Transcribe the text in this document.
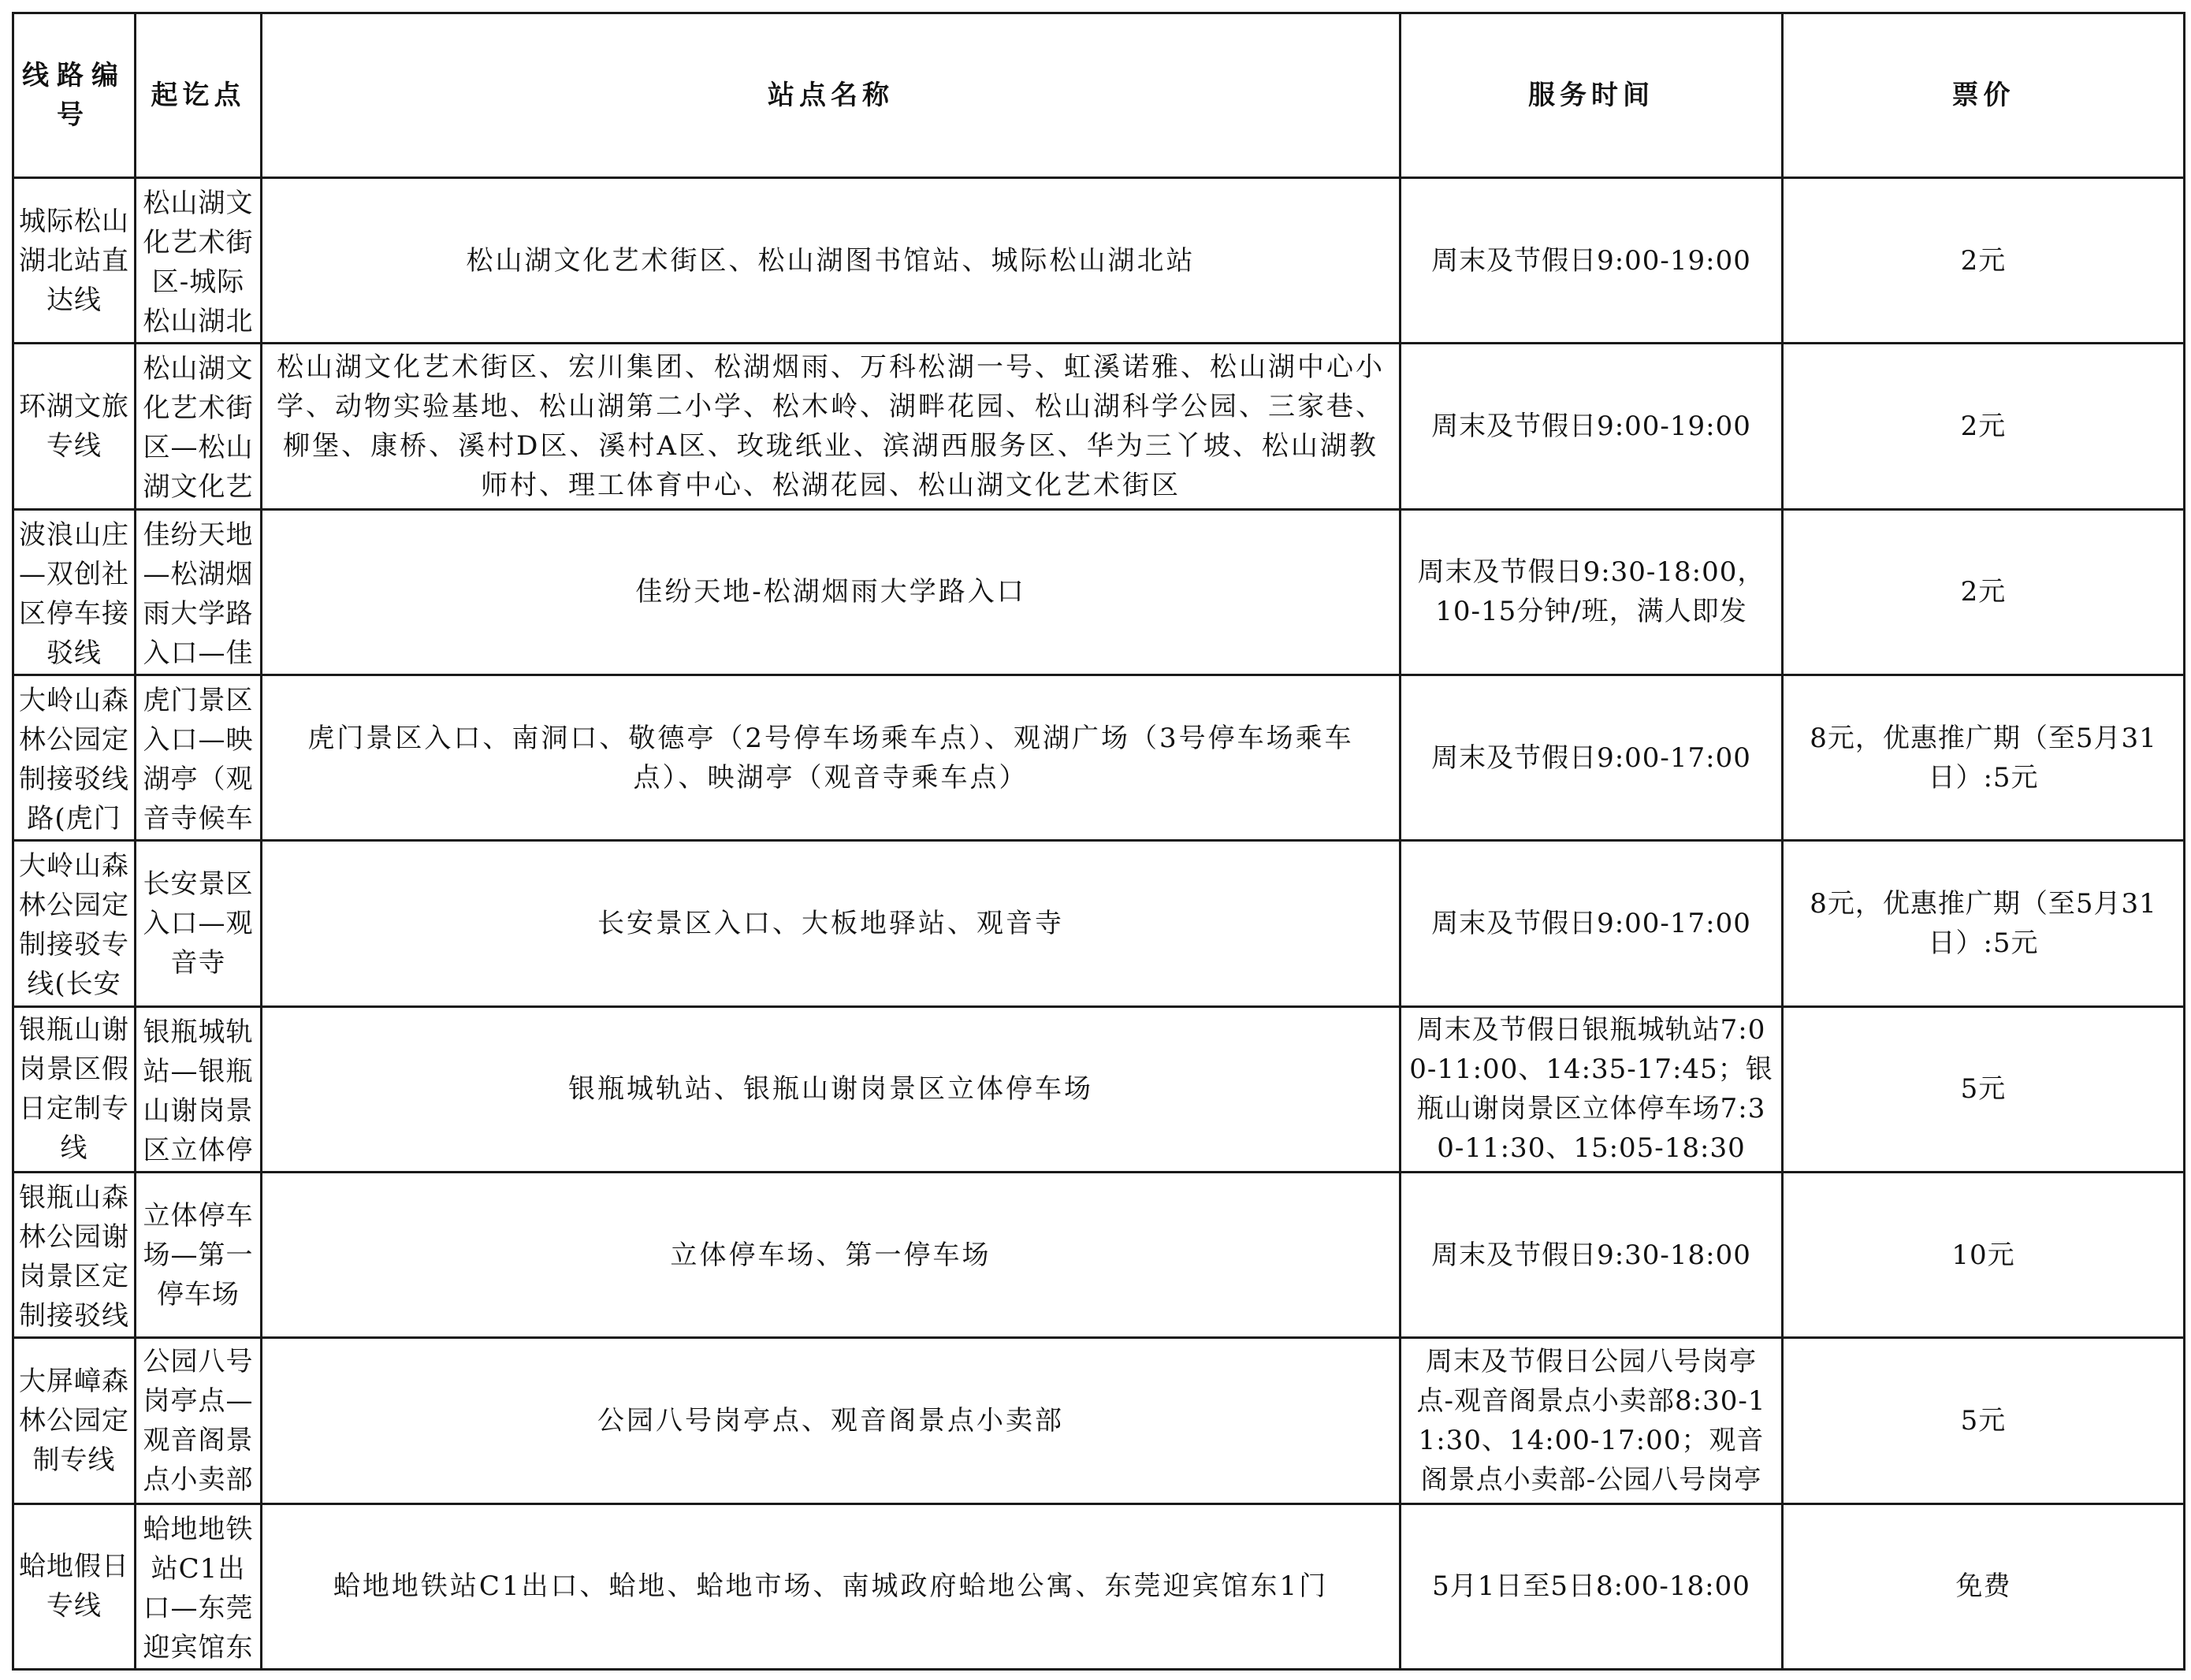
线路编号	起讫点	站点名称	服务时间	票价

城际松山湖北站直达线	松山湖文化艺术街区-城际松山湖北	松山湖文化艺术街区、松山湖图书馆站、城际松山湖北站	周末及节假日9:00-19:00	2元

环湖文旅专线	松山湖文化艺术街区—松山湖文化艺	松山湖文化艺术街区、宏川集团、松湖烟雨、万科松湖一号、虹溪诺雅、松山湖中心小学、动物实验基地、松山湖第二小学、松木岭、湖畔花园、松山湖科学公园、三家巷、柳堡、康桥、溪村D区、溪村A区、玫珑纸业、滨湖西服务区、华为三丫坡、松山湖教师村、理工体育中心、松湖花园、松山湖文化艺术街区	周末及节假日9:00-19:00	2元

波浪山庄—双创社区停车接驳线	佳纷天地—松湖烟雨大学路入口—佳	佳纷天地-松湖烟雨大学路入口	周末及节假日9:30-18:00，10-15分钟/班，满人即发	2元

大岭山森林公园定制接驳线路(虎门	虎门景区入口—映湖亭（观音寺候车	虎门景区入口、南洞口、敬德亭（2号停车场乘车点）、观湖广场（3号停车场乘车点）、映湖亭（观音寺乘车点）	周末及节假日9:00-17:00	8元，优惠推广期（至5月31日）:5元

大岭山森林公园定制接驳专线(长安	长安景区入口—观音寺	长安景区入口、大板地驿站、观音寺	周末及节假日9:00-17:00	8元，优惠推广期（至5月31日）:5元

银瓶山谢岗景区假日定制专线	银瓶城轨站—银瓶山谢岗景区立体停	银瓶城轨站、银瓶山谢岗景区立体停车场	周末及节假日银瓶城轨站7:00-11:00、14:35-17:45；银瓶山谢岗景区立体停车场7:30-11:30、15:05-18:30	5元

银瓶山森林公园谢岗景区定制接驳线	立体停车场—第一停车场	立体停车场、第一停车场	周末及节假日9:30-18:00	10元

大屏嶂森林公园定制专线	公园八号岗亭点—观音阁景点小卖部	公园八号岗亭点、观音阁景点小卖部	周末及节假日公园八号岗亭点-观音阁景点小卖部8:30-11:30、14:00-17:00；观音阁景点小卖部-公园八号岗亭	5元

蛤地假日专线	蛤地地铁站C1出口—东莞迎宾馆东	蛤地地铁站C1出口、蛤地、蛤地市场、南城政府蛤地公寓、东莞迎宾馆东1门	5月1日至5日8:00-18:00	免费
